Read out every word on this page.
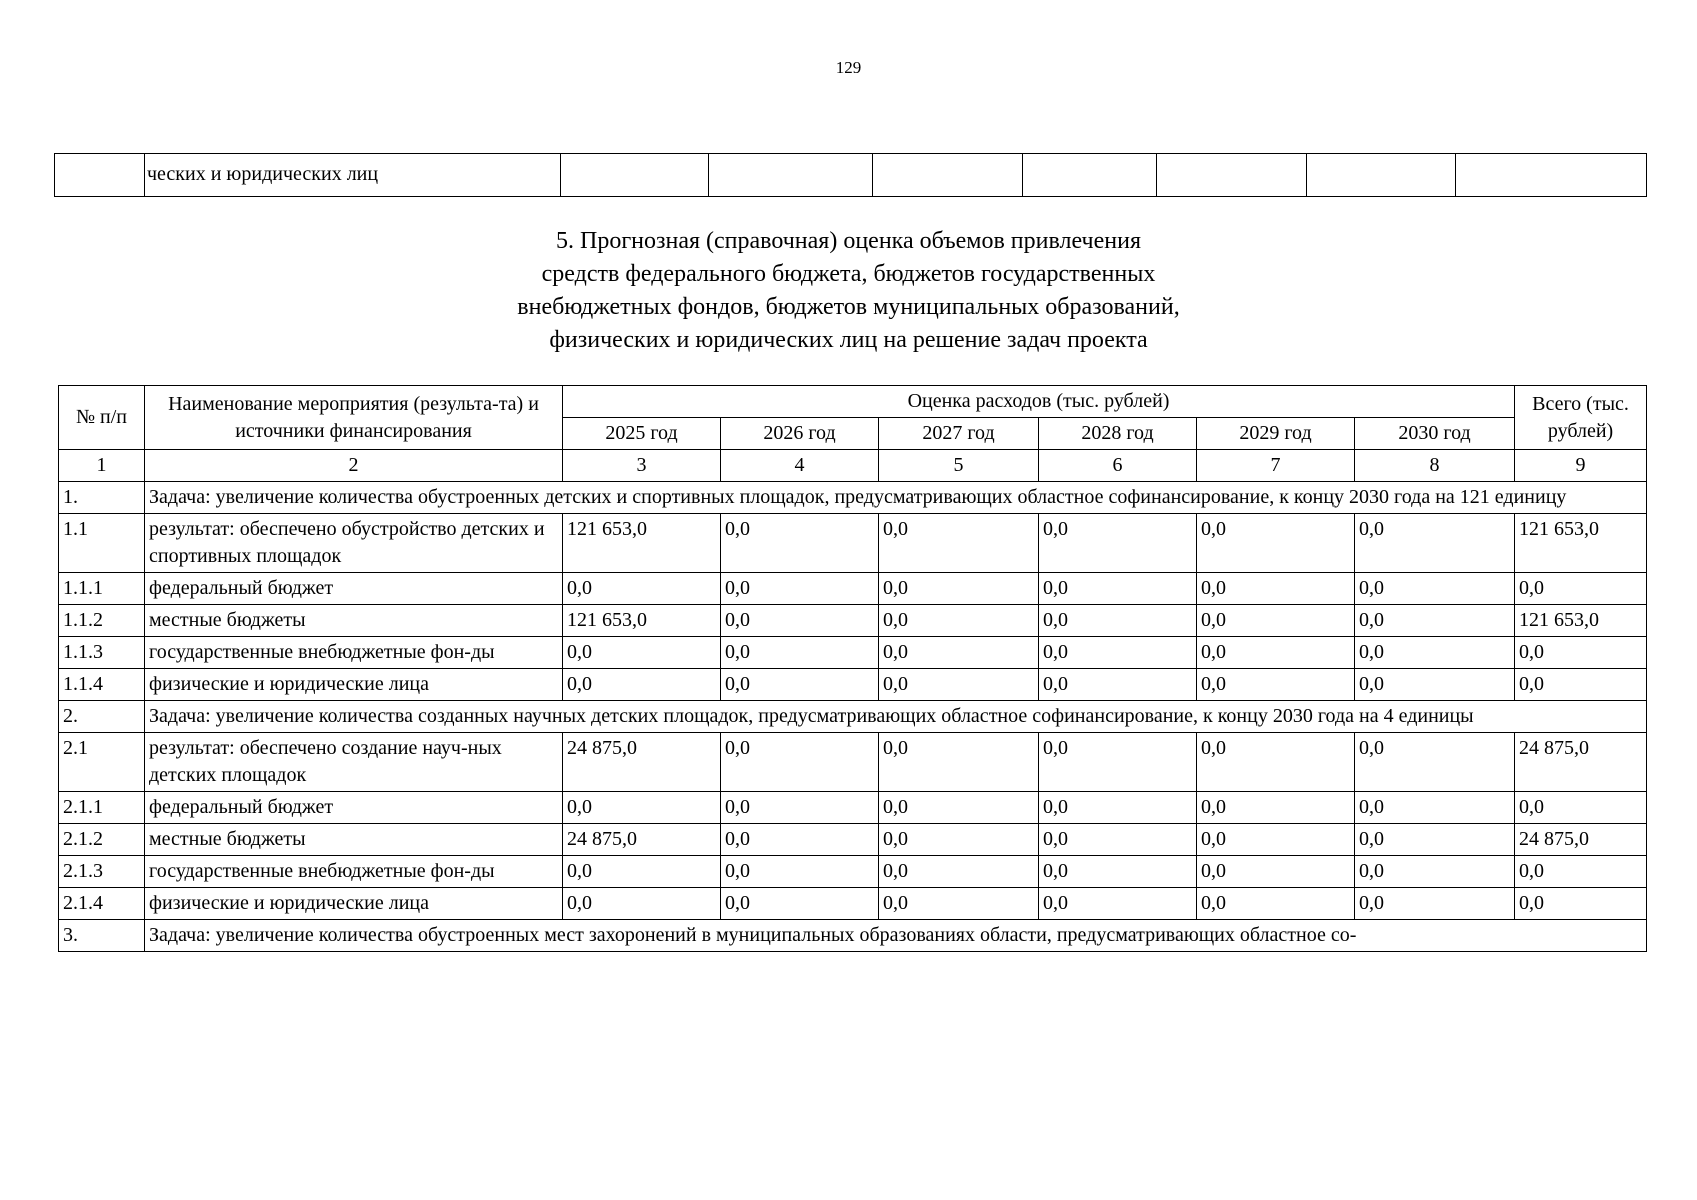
129
	ческих и юридических лиц							
5. Прогнозная (справочная) оценка объемов привлечения
средств федерального бюджета, бюджетов государственных
внебюджетных фондов, бюджетов муниципальных образований,
физических и юридических лиц на решение задач проекта
№ п/п	Наименование мероприятия (результа-та) и источники финансирования	Оценка расходов (тыс. рублей)						Всего (тыс. рублей)
		2025 год	2026 год	2027 год	2028 год	2029 год	2030 год	
1	2	3	4	5	6	7	8	9
1.	Задача: увеличение количества обустроенных детских и спортивных площадок, предусматривающих областное софинансирование, к концу 2030 года на 121 единицу							
1.1	результат: обеспечено обустройство детских и спортивных площадок	121 653,0	0,0	0,0	0,0	0,0	0,0	121 653,0
1.1.1	федеральный бюджет	0,0	0,0	0,0	0,0	0,0	0,0	0,0
1.1.2	местные бюджеты	121 653,0	0,0	0,0	0,0	0,0	0,0	121 653,0
1.1.3	государственные внебюджетные фон-ды	0,0	0,0	0,0	0,0	0,0	0,0	0,0
1.1.4	физические и юридические лица	0,0	0,0	0,0	0,0	0,0	0,0	0,0
2.	Задача: увеличение количества созданных научных детских площадок, предусматривающих областное софинансирование, к концу 2030 года на 4 единицы							
2.1	результат: обеспечено создание науч-ных детских площадок	24 875,0	0,0	0,0	0,0	0,0	0,0	24 875,0
2.1.1	федеральный бюджет	0,0	0,0	0,0	0,0	0,0	0,0	0,0
2.1.2	местные бюджеты	24 875,0	0,0	0,0	0,0	0,0	0,0	24 875,0
2.1.3	государственные внебюджетные фон-ды	0,0	0,0	0,0	0,0	0,0	0,0	0,0
2.1.4	физические и юридические лица	0,0	0,0	0,0	0,0	0,0	0,0	0,0
3.	Задача: увеличение количества обустроенных мест захоронений в муниципальных образованиях области, предусматривающих областное со-							
